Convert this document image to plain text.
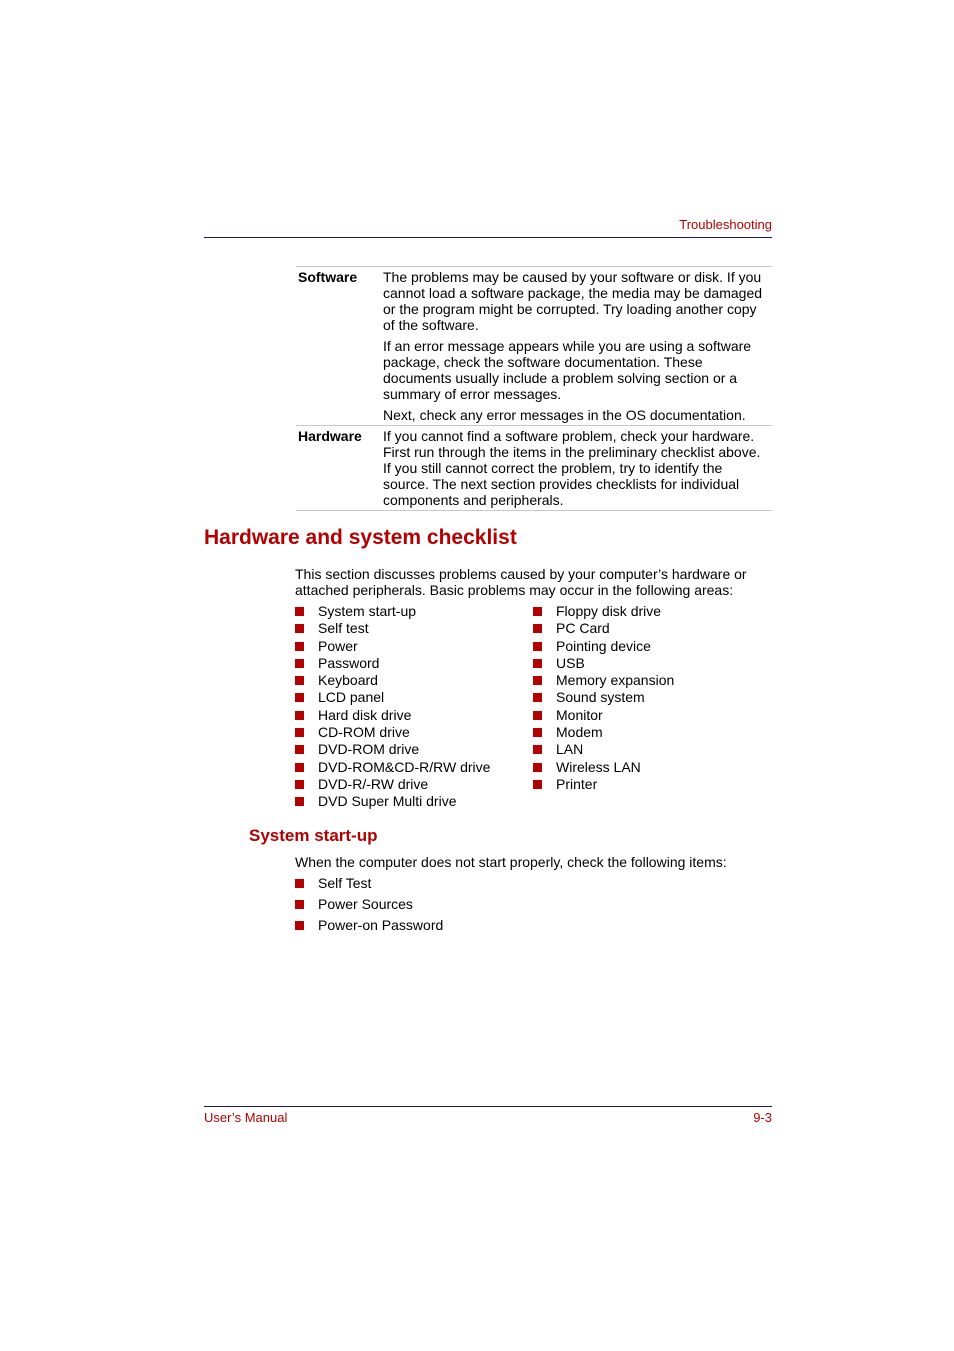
Troubleshooting
Software	The problems may be caused by your software or disk. If you cannot load a software package, the media may be damaged or the program might be corrupted. Try loading another copy of the software.

If an error message appears while you are using a software package, check the software documentation. These documents usually include a problem solving section or a summary of error messages.

Next, check any error messages in the OS documentation.

Hardware	If you cannot find a software problem, check your hardware. First run through the items in the preliminary checklist above. If you still cannot correct the problem, try to identify the source. The next section provides checklists for individual components and peripherals.

Hardware and system checklist

This section discusses problems caused by your computer’s hardware or attached peripherals. Basic problems may occur in the following areas:

System start-up
Self test
Power
Password
Keyboard
LCD panel
Hard disk drive
CD-ROM drive
DVD-ROM drive
DVD-ROM&CD-R/RW drive
DVD-R/-RW drive
DVD Super Multi drive
Floppy disk drive
PC Card
Pointing device
USB
Memory expansion
Sound system
Monitor
Modem
LAN
Wireless LAN
Printer
System start-up

When the computer does not start properly, check the following items:

Self Test
Power Sources
Power-on Password
User’s Manual	9-3
